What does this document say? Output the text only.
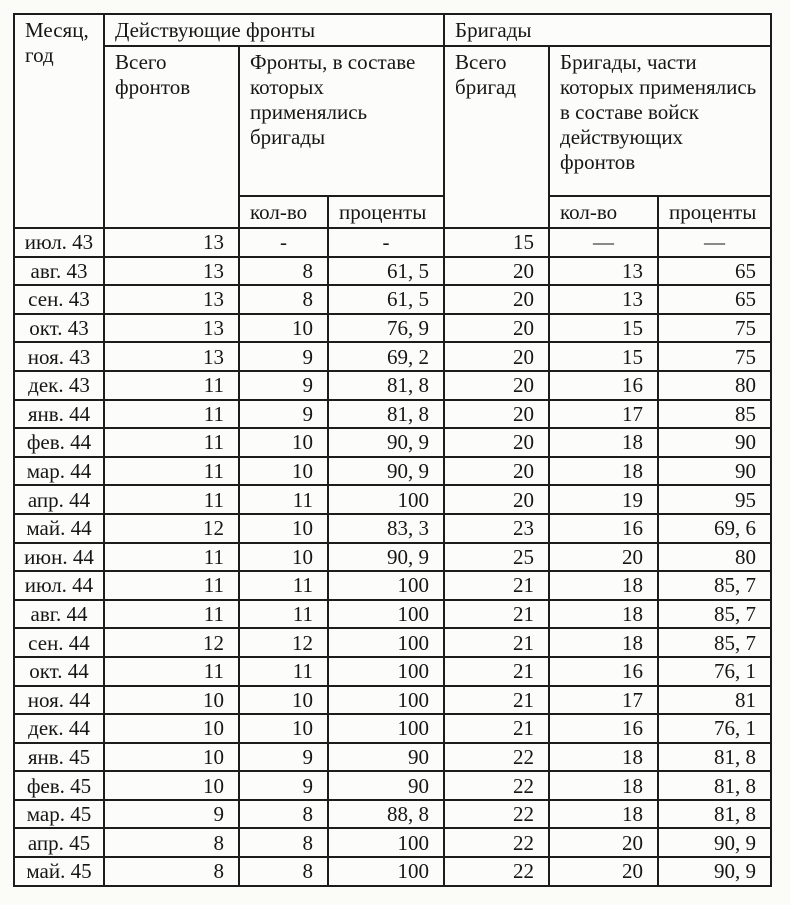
Месяц, год	Действующие фронты			Бригады		
	Всего фронтов	Фронты, в составе которых применялись бригады		Всего бригад	Бригады, части которых применялись в составе войск действующих фронтов	
		кол-во	проценты		кол-во	проценты
июл. 43	13	-	-	15	—	—
авг. 43	13	8	61, 5	20	13	65
сен. 43	13	8	61, 5	20	13	65
окт. 43	13	10	76, 9	20	15	75
ноя. 43	13	9	69, 2	20	15	75
дек. 43	11	9	81, 8	20	16	80
янв. 44	11	9	81, 8	20	17	85
фев. 44	11	10	90, 9	20	18	90
мар. 44	11	10	90, 9	20	18	90
апр. 44	11	11	100	20	19	95
май. 44	12	10	83, 3	23	16	69, 6
июн. 44	11	10	90, 9	25	20	80
июл. 44	11	11	100	21	18	85, 7
авг. 44	11	11	100	21	18	85, 7
сен. 44	12	12	100	21	18	85, 7
окт. 44	11	11	100	21	16	76, 1
ноя. 44	10	10	100	21	17	81
дек. 44	10	10	100	21	16	76, 1
янв. 45	10	9	90	22	18	81, 8
фев. 45	10	9	90	22	18	81, 8
мар. 45	9	8	88, 8	22	18	81, 8
апр. 45	8	8	100	22	20	90, 9
май. 45	8	8	100	22	20	90, 9
